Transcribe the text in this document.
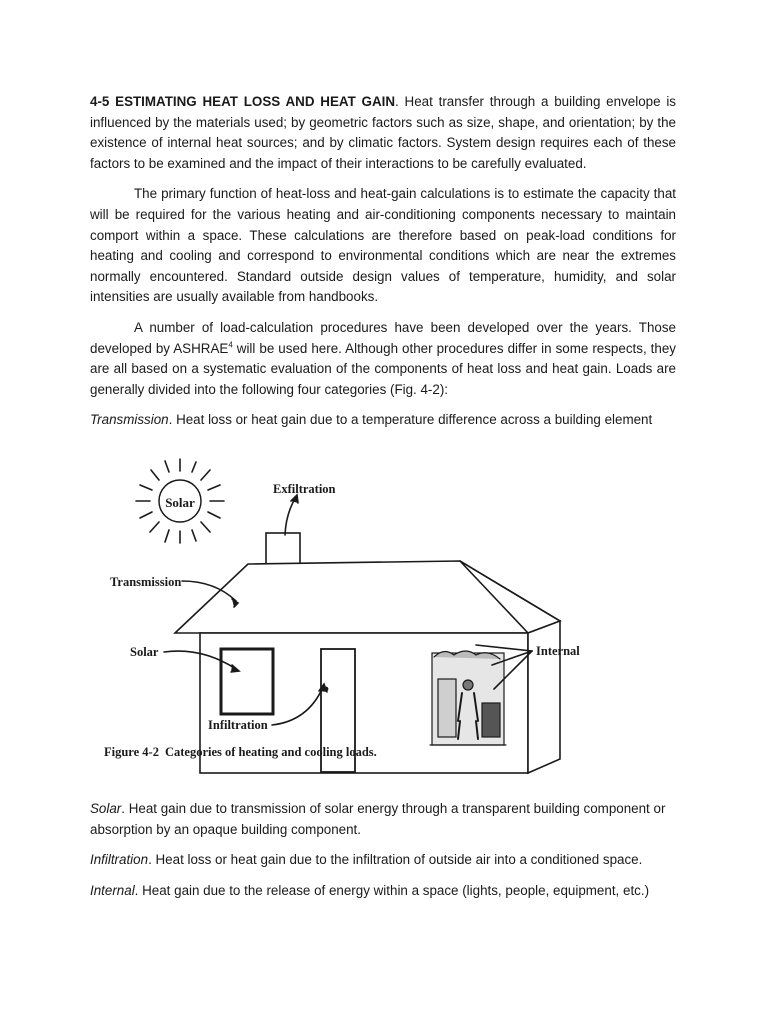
4-5 ESTIMATING HEAT LOSS AND HEAT GAIN. Heat transfer through a building envelope is influenced by the materials used; by geometric factors such as size, shape, and orientation; by the existence of internal heat sources; and by climatic factors. System design requires each of these factors to be examined and the impact of their interactions to be carefully evaluated.

The primary function of heat-loss and heat-gain calculations is to estimate the capacity that will be required for the various heating and air-conditioning components necessary to maintain comport within a space. These calculations are therefore based on peak-load conditions for heating and cooling and correspond to environmental conditions which are near the extremes normally encountered. Standard outside design values of temperature, humidity, and solar intensities are usually available from handbooks.

A number of load-calculation procedures have been developed over the years. Those developed by ASHRAE$^4$ will be used here. Although other procedures differ in some respects, they are all based on a systematic evaluation of the components of heat loss and heat gain. Loads are generally divided into the following four categories (Fig. 4-2):

Transmission. Heat loss or heat gain due to a temperature difference across a building element

Solar
Exfiltration
Transmission
Solar	Internal
Infiltration
Figure 4-2 Categories of heating and cooling loads.

Solar. Heat gain due to transmission of solar energy through a transparent building component or absorption by an opaque building component.

Infiltration. Heat loss or heat gain due to the infiltration of outside air into a conditioned space.

Internal. Heat gain due to the release of energy within a space (lights, people, equipment, etc.)
